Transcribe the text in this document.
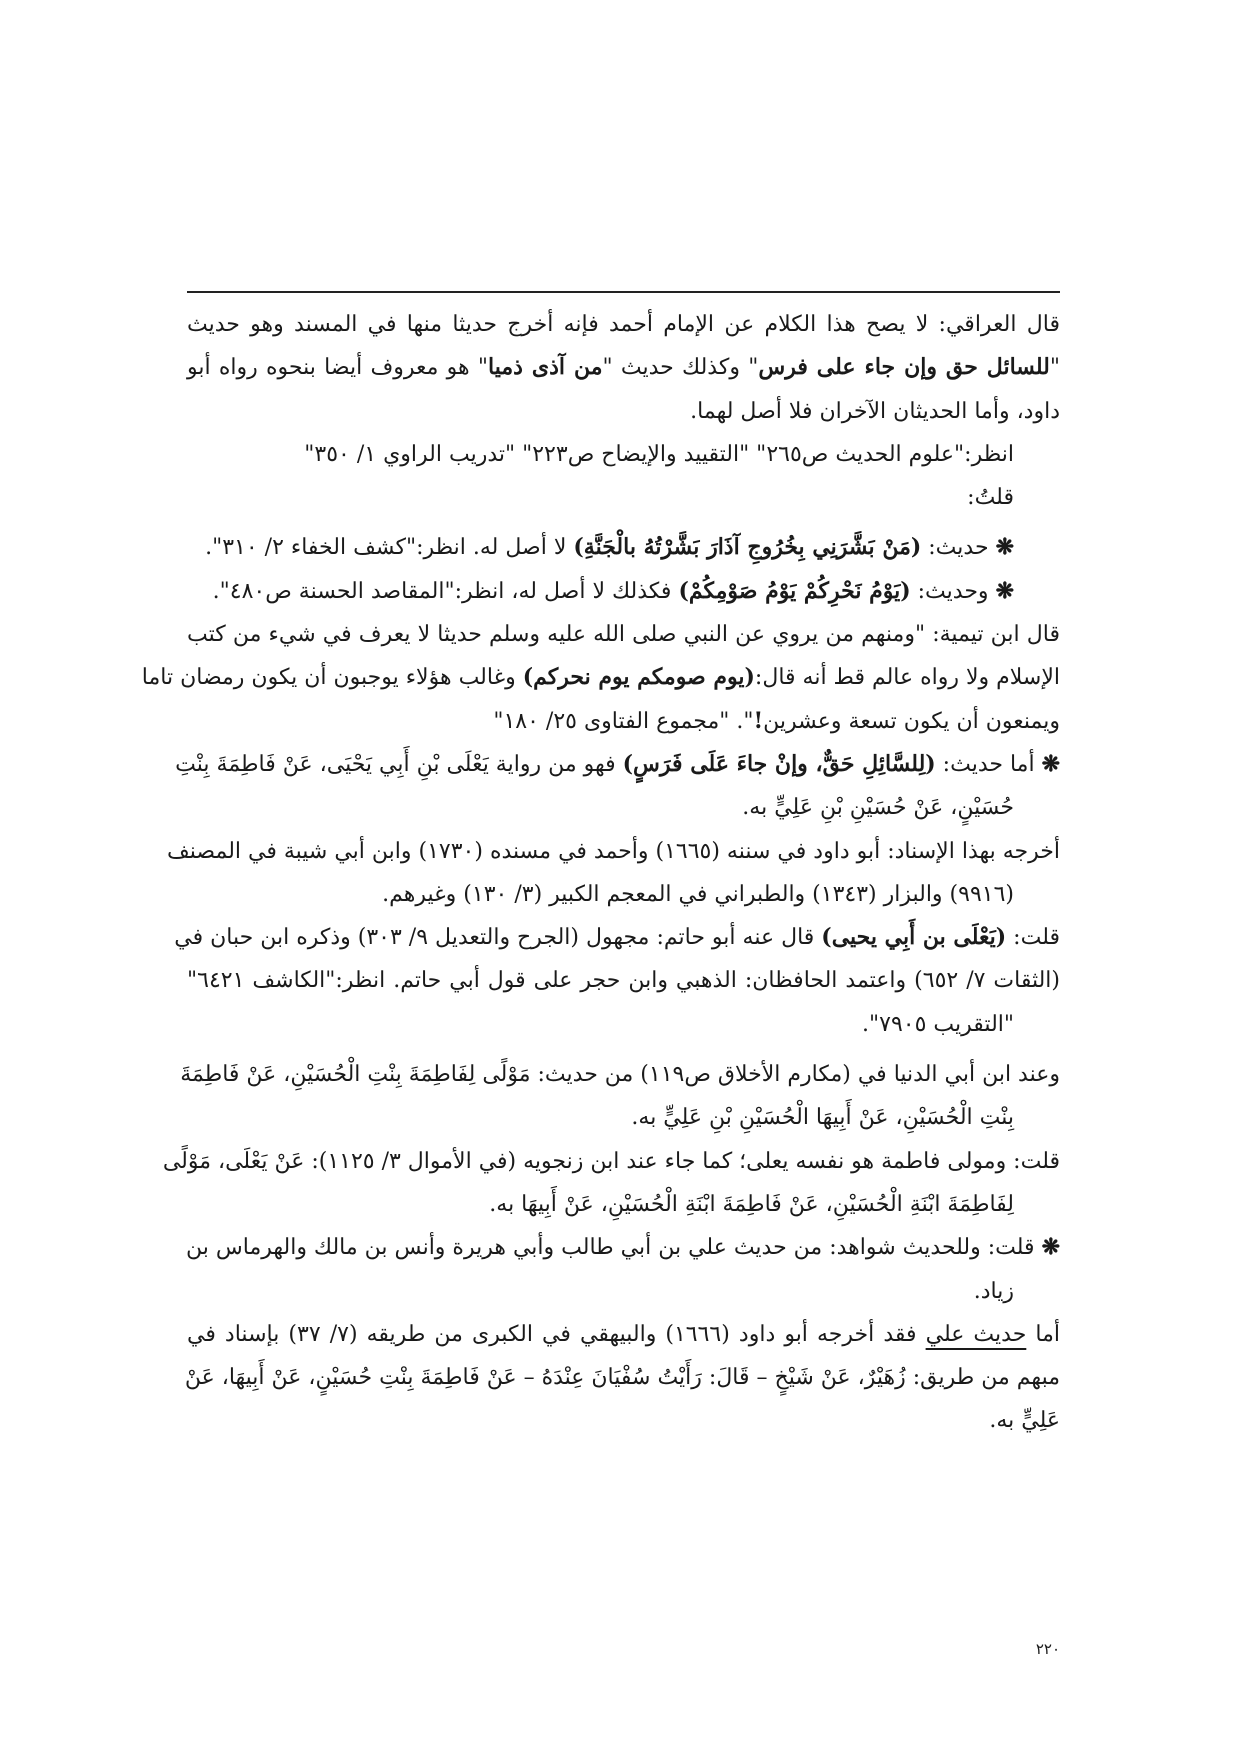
قال العراقي: لا يصح هذا الكلام عن الإمام أحمد فإنه أخرج حديثا منها في المسند وهو حديث
"للسائل حق وإن جاء على فرس" وكذلك حديث "من آذى ذميا" هو معروف أيضا بنحوه رواه أبو
داود، وأما الحديثان الآخران فلا أصل لهما.
انظر:"علوم الحديث ص٢٦٥" "التقييد والإيضاح ص٢٢٣" "تدريب الراوي ١/ ٣٥٠"
قلتُ:
❋ حديث: (مَنْ بَشَّرَنِي بِخُرُوجِ آذَارَ بَشَّرْتُهُ بالْجَنَّةِ) لا أصل له. انظر:"كشف الخفاء ٢/ ٣١٠".
❋ وحديث: (يَوْمُ نَحْرِكُمْ يَوْمُ صَوْمِكُمْ) فكذلك لا أصل له، انظر:"المقاصد الحسنة ص٤٨٠".
قال ابن تيمية: "ومنهم من يروي عن النبي صلى الله عليه وسلم حديثا لا يعرف في شيء من كتب
الإسلام ولا رواه عالم قط أنه قال:(يوم صومكم يوم نحركم) وغالب هؤلاء يوجبون أن يكون رمضان تاما
ويمنعون أن يكون تسعة وعشرين!". "مجموع الفتاوى ٢٥/ ١٨٠"
❋ أما حديث: (لِلسَّائِلِ حَقٌّ، وإنْ جاءَ عَلَى فَرَسٍ) فهو من رواية يَعْلَى بْنِ أَبِي يَحْيَى، عَنْ فَاطِمَةَ بِنْتِ
حُسَيْنٍ، عَنْ حُسَيْنِ بْنِ عَلِيٍّ به.
أخرجه بهذا الإسناد: أبو داود في سننه (١٦٦٥) وأحمد في مسنده (١٧٣٠) وابن أبي شيبة في المصنف
(٩٩١٦) والبزار (١٣٤٣) والطبراني في المعجم الكبير (٣/ ١٣٠) وغيرهم.
قلت: (يَعْلَى بن أَبِي يحيى) قال عنه أبو حاتم: مجهول (الجرح والتعديل ٩/ ٣٠٣) وذكره ابن حبان في
(الثقات ٧/ ٦٥٢) واعتمد الحافظان: الذهبي وابن حجر على قول أبي حاتم. انظر:"الكاشف ٦٤٢١"
"التقريب ٧٩٠٥".
وعند ابن أبي الدنيا في (مكارم الأخلاق ص١١٩) من حديث: مَوْلًى لِفَاطِمَةَ بِنْتِ الْحُسَيْنِ، عَنْ فَاطِمَةَ
بِنْتِ الْحُسَيْنِ، عَنْ أَبِيهَا الْحُسَيْنِ بْنِ عَلِيٍّ به.
قلت: ومولى فاطمة هو نفسه يعلى؛ كما جاء عند ابن زنجويه (في الأموال ٣/ ١١٢٥): عَنْ يَعْلَى، مَوْلًى
لِفَاطِمَةَ ابْنَةِ الْحُسَيْنِ، عَنْ فَاطِمَةَ ابْنَةِ الْحُسَيْنِ، عَنْ أَبِيهَا به.
❋ قلت: وللحديث شواهد: من حديث علي بن أبي طالب وأبي هريرة وأنس بن مالك والهرماس بن
زياد.
أما حديث علي فقد أخرجه أبو داود (١٦٦٦) والبيهقي في الكبرى من طريقه (٧/ ٣٧) بإسناد في
مبهم من طريق: زُهَيْرٌ، عَنْ شَيْخٍ – قَالَ: رَأَيْتُ سُفْيَانَ عِنْدَهُ – عَنْ فَاطِمَةَ بِنْتِ حُسَيْنٍ، عَنْ أَبِيهَا، عَنْ
عَلِيٍّ به.
٢٢٠
